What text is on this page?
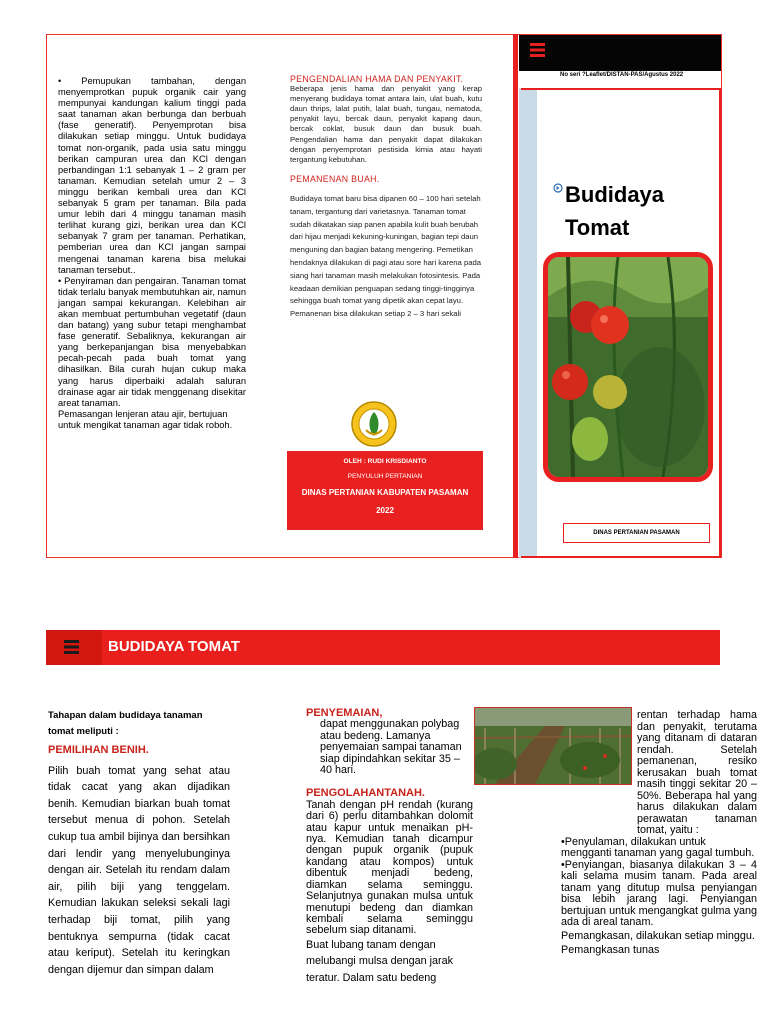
• Pemupukan tambahan, dengan menyemprotkan pupuk organik cair yang mempunyai kandungan kalium tinggi pada saat tanaman akan berbunga dan berbuah (fase generatif). Penyemprotan bisa dilakukan setiap minggu. Untuk budidaya tomat non-organik, pada usia satu minggu berikan campuran urea dan KCl dengan perbandingan 1:1 sebanyak 1 – 2 gram per tanaman. Kemudian setelah umur 2 – 3 minggu berikan kembali urea dan KCl sebanyak 5 gram per tanaman. Bila pada umur lebih dari 4 minggu tanaman masih terlihat kurang gizi, berikan urea dan KCl sebanyak 7 gram per tanaman. Perhatikan, pemberian urea dan KCl jangan sampai mengenai tanaman karena bisa melukai tanaman tersebut..

• Penyiraman dan pengairan. Tanaman tomat tidak terlalu banyak membutuhkan air, namun jangan sampai kekurangan. Kelebihan air akan membuat pertumbuhan vegetatif (daun dan batang) yang subur tetapi menghambat fase generatif. Sebaliknya, kekurangan air yang berkepanjangan bisa menyebabkan pecah-pecah pada buah tomat yang dihasilkan. Bila curah hujan cukup maka yang harus diperbaiki adalah saluran drainase agar air tidak menggenang disekitar areat tanaman.

Pemasangan lenjeran atau ajir, bertujuan untuk mengikat tanaman agar tidak roboh.

PENGENDALIAN HAMA DAN PENYAKIT.

Beberapa jenis hama dan penyakit yang kerap menyerang budidaya tomat antara lain, ulat buah, kutu daun thrips, lalat putih, lalat buah, tungau, nematoda, penyakit layu, bercak daun, penyakit kapang daun, bercak coklat, busuk daun dan busuk buah. Pengendalian hama dan penyakit dapat dilakukan dengan penyemprotan pestisida kimia atau hayati tergantung kebutuhan.

PEMANENAN BUAH.

Budidaya tomat baru bisa dipanen 60 – 100 hari setelah tanam, tergantung dari varietasnya. Tanaman tomat sudah dikatakan siap panen apabila kulit buah berubah dari hijau menjadi kekuning-kuningan, bagian tepi daun menguning dan bagian batang mengering. Pemetikan hendaknya dilakukan di pagi atau sore hari karena pada siang hari tanaman masih melakukan fotosintesis. Pada keadaan demikian penguapan sedang tinggi-tingginya sehingga buah tomat yang dipetik akan cepat layu. Pemanenan bisa dilakukan setiap 2 – 3 hari sekali

OLEH : RUDI KRISDIANTO

PENYULUH PERTANIAN

DINAS PERTANIAN KABUPATEN PASAMAN

2022

No seri ?Leaflet/DISTAN-PAS/Agustus 2022
Budidaya
Tomat
DINAS PERTANIAN PASAMAN
BUDIDAYA TOMAT

Tahapan dalam budidaya tanaman tomat meliputi :

PEMILIHAN BENIH.

Pilih buah tomat yang sehat atau tidak cacat yang akan dijadikan benih. Kemudian biarkan buah tomat tersebut menua di pohon. Setelah cukup tua ambil bijinya dan bersihkan dari lendir yang menyelubunginya dengan air. Setelah itu rendam dalam air, pilih biji yang tenggelam. Kemudian lakukan seleksi sekali lagi terhadap biji tomat, pilih yang bentuknya sempurna (tidak cacat atau keriput). Setelah itu keringkan dengan dijemur dan simpan dalam

PENYEMAIAN,

dapat menggunakan polybag atau bedeng. Lamanya penyemaian sampai tanaman siap dipindahkan sekitar 35 – 40 hari.

PENGOLAHANTANAH.

Tanah dengan pH rendah (kurang dari 6) perlu ditambahkan dolomit atau kapur untuk menaikan pH-nya. Kemudian tanah dicampur dengan pupuk organik (pupuk kandang atau kompos) untuk dibentuk menjadi bedeng, diamkan selama seminggu. Selanjutnya gunakan mulsa untuk menutupi bedeng dan diamkan kembali selama seminggu sebelum siap ditanami.

Buat lubang tanam dengan melubangi mulsa dengan jarak teratur. Dalam satu bedeng

rentan terhadap hama dan penyakit, terutama yang ditanam di dataran rendah. Setelah pemanenan, resiko kerusakan buah tomat masih tinggi sekitar 20 – 50%. Beberapa hal yang harus dilakukan dalam perawatan tanaman tomat, yaitu :

•Penyulaman, dilakukan untuk mengganti tanaman yang gagal tumbuh.

•Penyiangan, biasanya dilakukan 3 – 4 kali selama musim tanam. Pada areal tanam yang ditutup mulsa penyiangan bisa lebih jarang lagi. Penyiangan bertujuan untuk mengangkat gulma yang ada di areal tanam.

Pemangkasan, dilakukan setiap minggu. Pemangkasan tunas
